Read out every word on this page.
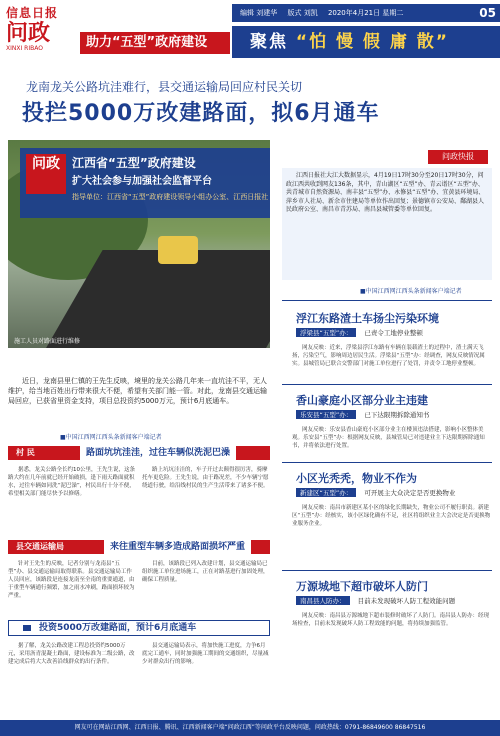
信息日报
问政
XINXI RIBAO	助力“五型”政府建设
编辑 刘建华 版式 刘凯 2020年4月21日 星期二	05
聚焦 “怕 慢 假 庸 散”
龙南龙关公路坑洼难行，县交通运输局回应村民关切
投拦5000万改建路面，拟6月通车
施工人员对路面进行维修
问政	江西省“五型”政府建设
扩大社会参与加强社会监督平台
指导单位：江西省“五型”政府建设领导小组办公室、江西日报社
近日，龙南县里仁镇的王先生反映，境里的龙关公路几年来一直坑洼不平，无人维护，给当地百姓出行带来很大不便，希望有关部门能一管。对此，龙南县交通运输局回应，已获省里资金支持，项目总投资约5000万元，预计6月底通车。
■中国江西网江西头条新闻客户端记者
问政快报
江西日报社大江大数据显示，4月19日17时30分至20日17时30分，问政江西共收到网友136条，其中，青山湖区“五型”办、青云谱区“五型”办、共青城市自然资源局、南丰县“五型”办、永修县“五型”办、宜黄县环境局、萍乡市人社局、新余市住建局等单位作出回复；景德镇市公安局、鄱湖县人民政府公室、南昌市青苏局、南昌县城管委等单位回复。
■中国江西网江西头条新闻客户端记者
浮江东路渣土车扬尘污染环境
浮梁县“五型”办： 已责令工地停业整顿
网友反映：近来，浮梁县浮江东路有车辆在装载渣土的过程中，渣土满天飞扬，污染空气，影响周边居民生活。浮梁县“五型”办：经调查，网友反映情况属实。县城管局已联合交警部门对施工单位进行了处罚，并责令工地停业整顿。
香山豪庭小区部分业主违建
乐安县“五型”办： 已下达限期拆除通知书
网友反映：乐安县香山豪庭小区部分业主在楼顶违法搭建，影响小区整体美观。乐安县“五型”办：根据网友反映，县城管局已对违建业主下达限期拆除通知书，并将依法进行处置。
小区光秃秃，物业不作为
新建区“五型”办： 可开展主大众决定是否更换物业
网友反映：南昌市新建区某小区的绿化长期缺失，物业公司不履行职责。新建区“五型”办：经核实，该小区绿化确有不足，社区将组织业主大会决定是否更换物业服务企业。
万源城地下超市破坏人防门
南昌县人防办： 目前未发现破坏人防工程效能问题
网友反映：南昌县万源城地下超市装修时破坏了人防门。南昌县人防办：经现场检查，目前未发现破坏人防工程效能的问题，将持续加强监管。
村 民	路面坑坑洼洼，过往车辆似洗泥巴澡
据悉，龙关公路全长约10公里，王先生说，这条路大约在几年前就已经开始破损，逢下雨天路面就积水，过往车辆如同洗“泥巴澡”，村民出行十分不便，希望相关部门能尽快予以修缮。
路上坑坑洼洼的，车子开过去颠得很厉害，骑摩托车更危险。王先生说，由于路况差，不少车辆宁愿绕道行驶，给沿线村民的生产生活带来了诸多不便。
县交通运输局	来往重型车辆多造成路面损坏严重
针对王先生的反映，记者分别与龙南县“五型”办、县交通运输局取得联系。县交通运输局工作人员回应，该路段是连接龙南至全南的重要通道，由于重型车辆通行频繁，加之雨水冲刷，路面损坏较为严重。
目前，该路段已列入改建计划，县交通运输局已组织施工单位进场施工，正在对路基进行加固处理，确保工程质量。
投资5000万改建路面，预计6月底通车
据了解，龙关公路改建工程总投资约5000万元，采用沥青混凝土路面，建设标准为二级公路，改建完成后将大大改善沿线群众的出行条件。
县交通运输局表示，将加快施工进度，力争6月底完工通车，同时加强施工期间的交通组织，尽量减少对群众出行的影响。
网友可在网站江西网、江西日报、腾讯、江西新闻客户端“问政江西”等问政平台反映问题，问政热线：0791-86849600 86847516
